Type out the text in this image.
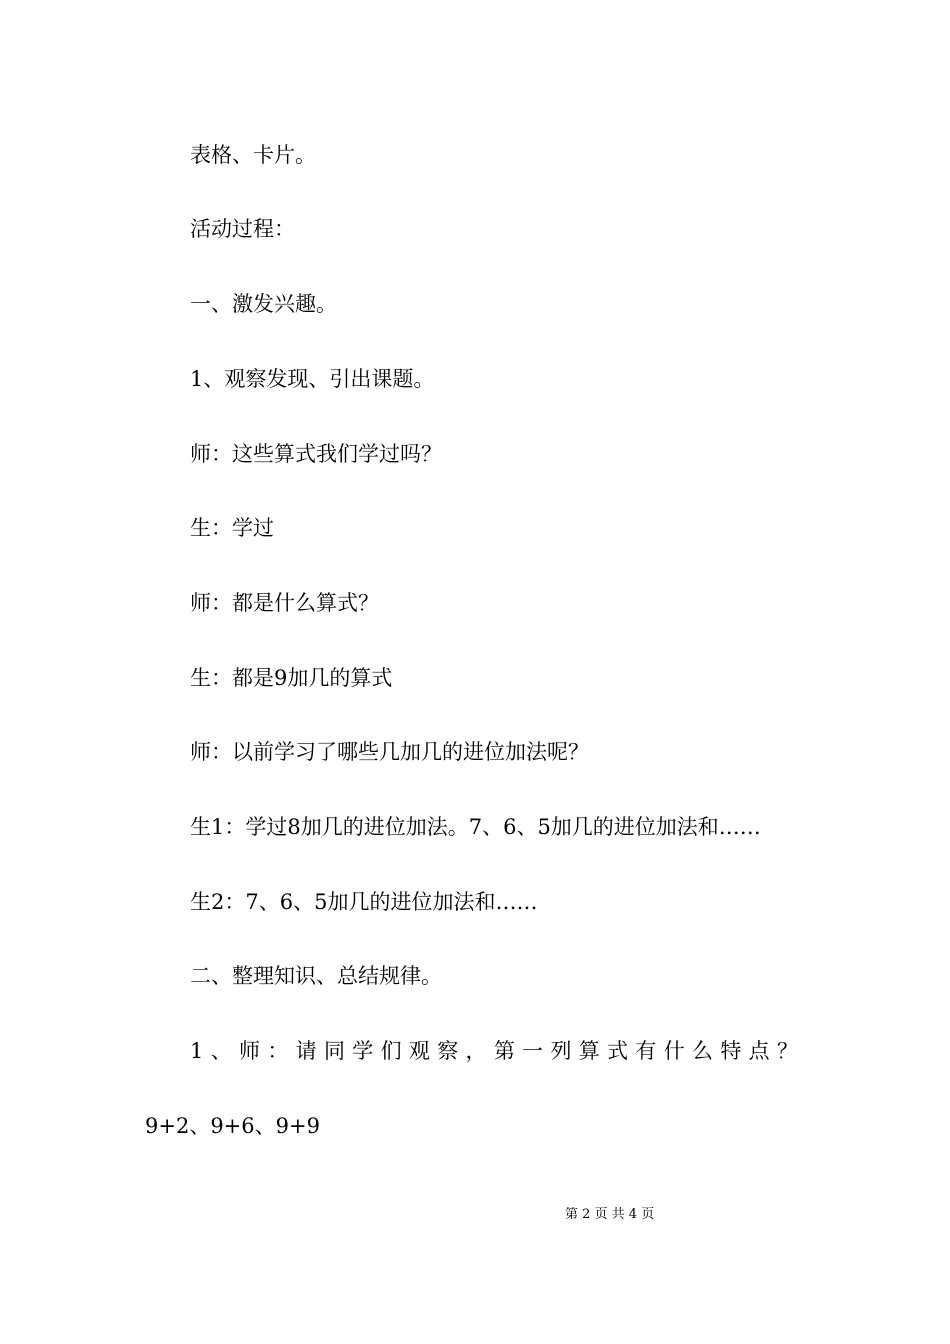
表格、卡片。
活动过程：
一、激发兴趣。
1、观察发现、引出课题。
师：这些算式我们学过吗？
生：学过
师：都是什么算式？
生：都是9加几的算式
师：以前学习了哪些几加几的进位加法呢？
生1：学过8加几的进位加法。7、6、5加几的进位加法和……
生2：7、6、5加几的进位加法和……
二、整理知识、总结规律。
1 、 师 ： 请 同 学 们 观 察 ， 第 一 列 算 式 有 什 么 特 点 ？
9+2、9+6、9+9
第 2 页 共 4 页
